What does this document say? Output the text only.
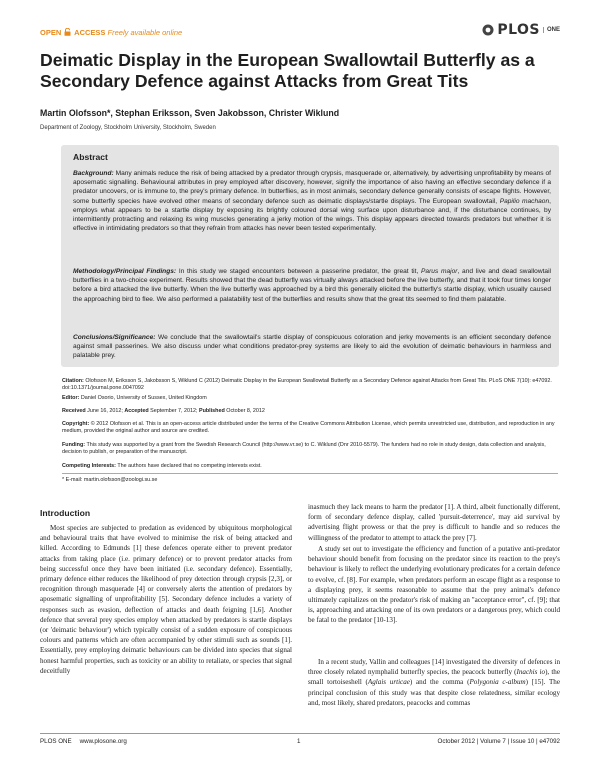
OPEN ACCESS Freely available online	PLOS	ONE
Deimatic Display in the European Swallowtail Butterfly as a Secondary Defence against Attacks from Great Tits
Martin Olofsson*, Stephan Eriksson, Sven Jakobsson, Christer Wiklund
Department of Zoology, Stockholm University, Stockholm, Sweden
Abstract

Background: Many animals reduce the risk of being attacked by a predator through crypsis, masquerade or, alternatively, by advertising unprofitability by means of aposematic signalling. Behavioural attributes in prey employed after discovery, however, signify the importance of also having an effective secondary defence if a predator uncovers, or is immune to, the prey's primary defence. In butterflies, as in most animals, secondary defence generally consists of escape flights. However, some butterfly species have evolved other means of secondary defence such as deimatic displays/startle displays. The European swallowtail, Papilio machaon, employs what appears to be a startle display by exposing its brightly coloured dorsal wing surface upon disturbance and, if the disturbance continues, by intermittently protracting and relaxing its wing muscles generating a jerky motion of the wings. This display appears directed towards predators but whether it is effective in intimidating predators so that they refrain from attacks has never been tested experimentally.

Methodology/Principal Findings: In this study we staged encounters between a passerine predator, the great tit, Parus major, and live and dead swallowtail butterflies in a two-choice experiment. Results showed that the dead butterfly was virtually always attacked before the live butterfly, and that it took four times longer before a bird attacked the live butterfly. When the live butterfly was approached by a bird this generally elicited the butterfly's startle display, which usually caused the approaching bird to flee. We also performed a palatability test of the butterflies and results show that the great tits seemed to find them palatable.

Conclusions/Significance: We conclude that the swallowtail's startle display of conspicuous coloration and jerky movements is an efficient secondary defence against small passerines. We also discuss under what conditions predator-prey systems are likely to aid the evolution of deimatic behaviours in harmless and palatable prey.

Citation: Olofsson M, Eriksson S, Jakobsson S, Wiklund C (2012) Deimatic Display in the European Swallowtail Butterfly as a Secondary Defence against Attacks from Great Tits. PLoS ONE 7(10): e47092. doi:10.1371/journal.pone.0047092

Editor: Daniel Osorio, University of Sussex, United Kingdom

Received June 16, 2012; Accepted September 7, 2012; Published October 8, 2012

Copyright: © 2012 Olofsson et al. This is an open-access article distributed under the terms of the Creative Commons Attribution License, which permits unrestricted use, distribution, and reproduction in any medium, provided the original author and source are credited.

Funding: This study was supported by a grant from the Swedish Research Council (http://www.vr.se) to C. Wiklund (Dnr 2010-5579). The funders had no role in study design, data collection and analysis, decision to publish, or preparation of the manuscript.

Competing Interests: The authors have declared that no competing interests exist.

* E-mail: martin.olofsson@zoologi.su.se

Introduction

Most species are subjected to predation as evidenced by ubiquitous morphological and behavioural traits that have evolved to minimise the risk of being attacked and killed. According to Edmunds [1] these defences operate either to prevent predator attacks from taking place (i.e. primary defence) or to prevent predator attacks from being successful once they have been initiated (i.e. secondary defence). Essentially, primary defence either reduces the likelihood of prey detection through crypsis [2,3], or recognition through masquerade [4] or conversely alerts the attention of predators by aposematic signalling of unprofitability [5]. Secondary defence includes a variety of responses such as evasion, deflection of attacks and death feigning [1,6]. Another defence that several prey species employ when attacked by predators is startle displays (or 'deimatic behaviour') which typically consist of a sudden exposure of conspicuous colours and patterns which are often accompanied by other stimuli such as sounds [1]. Essentially, prey employing deimatic behaviours can be divided into species that signal honest harmful properties, such as toxicity or an ability to retaliate, or species that signal deceitfully

inasmuch they lack means to harm the predator [1]. A third, albeit functionally different, form of secondary defence display, called 'pursuit-deterrence', may aid survival by advertising flight prowess or that the prey is difficult to handle and so reduces the willingness of the predator to attempt to attack the prey [7].

A study set out to investigate the efficiency and function of a putative anti-predator behaviour should benefit from focusing on the predator since its reaction to the prey's behaviour is likely to reflect the underlying evolutionary predicates for a certain defence to evolve, cf. [8]. For example, when predators perform an escape flight as a response to a displaying prey, it seems reasonable to assume that the prey animal's defence ultimately capitalizes on the predator's risk of making an "acceptance error", cf. [9]; that is, approaching and attacking one of its own predators or a dangerous prey, which could be fatal to the predator [10-13].

In a recent study, Vallin and colleagues [14] investigated the diversity of defences in three closely related nymphalid butterfly species, the peacock butterfly (Inachis io), the small tortoiseshell (Aglais urticae) and the comma (Polygonia c-album) [15]. The principal conclusion of this study was that despite close relatedness, similar ecology and, most likely, shared predators, peacocks and commas

PLOS ONE www.plosone.org	1	October 2012 | Volume 7 | Issue 10 | e47092
